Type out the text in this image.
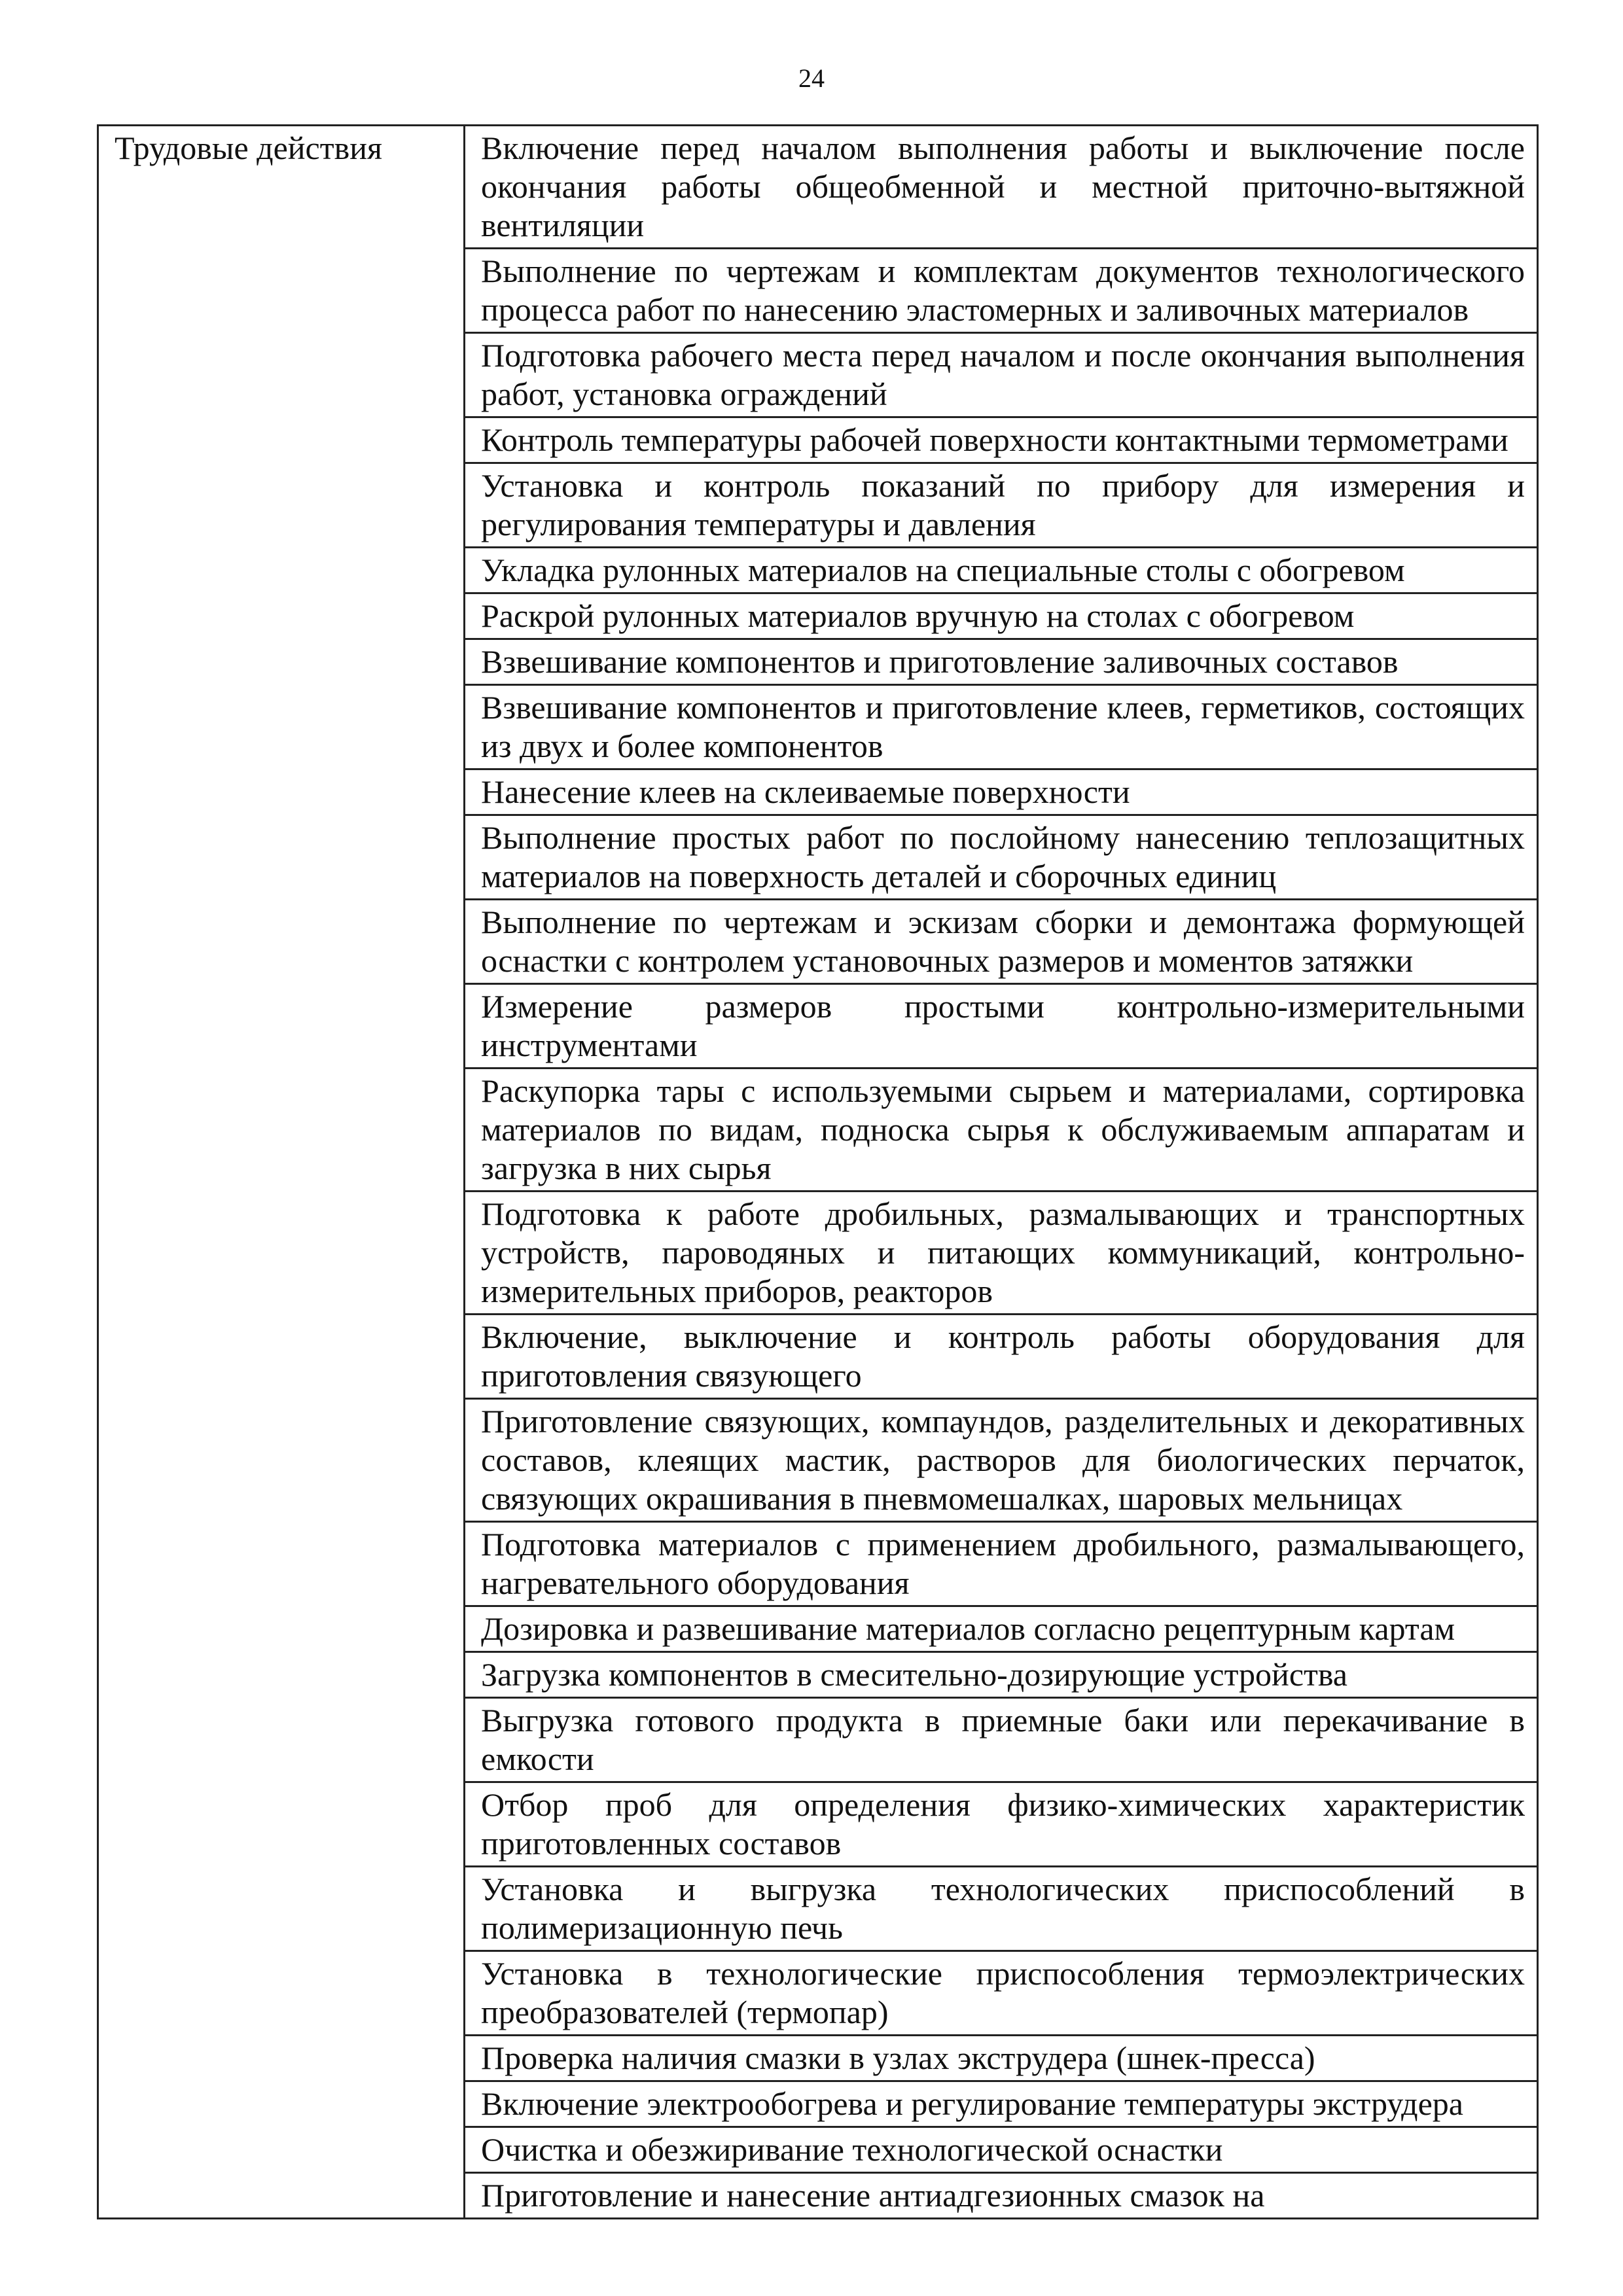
24
Трудовые действия	Включение перед началом выполнения работы и выключение после окончания работы общеобменной и местной приточно-вытяжной вентиляции
Выполнение по чертежам и комплектам документов технологического процесса работ по нанесению эластомерных и заливочных материалов
Подготовка рабочего места перед началом и после окончания выполнения работ, установка ограждений
Контроль температуры рабочей поверхности контактными термометрами
Установка и контроль показаний по прибору для измерения и регулирования температуры и давления
Укладка рулонных материалов на специальные столы с обогревом
Раскрой рулонных материалов вручную на столах с обогревом
Взвешивание компонентов и приготовление заливочных составов
Взвешивание компонентов и приготовление клеев, герметиков, состоящих из двух и более компонентов
Нанесение клеев на склеиваемые поверхности
Выполнение простых работ по послойному нанесению теплозащитных материалов на поверхность деталей и сборочных единиц
Выполнение по чертежам и эскизам сборки и демонтажа формующей оснастки с контролем установочных размеров и моментов затяжки
Измерение размеров простыми контрольно-измерительными инструментами
Раскупорка тары с используемыми сырьем и материалами, сортировка материалов по видам, подноска сырья к обслуживаемым аппаратам и загрузка в них сырья
Подготовка к работе дробильных, размалывающих и транспортных устройств, пароводяных и питающих коммуникаций, контрольно-измерительных приборов, реакторов
Включение, выключение и контроль работы оборудования для приготовления связующего
Приготовление связующих, компаундов, разделительных и декоративных составов, клеящих мастик, растворов для биологических перчаток, связующих окрашивания в пневмомешалках, шаровых мельницах
Подготовка материалов с применением дробильного, размалывающего, нагревательного оборудования
Дозировка и развешивание материалов согласно рецептурным картам
Загрузка компонентов в смесительно-дозирующие устройства
Выгрузка готового продукта в приемные баки или перекачивание в емкости
Отбор проб для определения физико-химических характеристик приготовленных составов
Установка и выгрузка технологических приспособлений в полимеризационную печь
Установка в технологические приспособления термоэлектрических преобразователей (термопар)
Проверка наличия смазки в узлах экструдера (шнек-пресса)
Включение электрообогрева и регулирование температуры экструдера
Очистка и обезжиривание технологической оснастки
Приготовление и нанесение антиадгезионных смазок на
